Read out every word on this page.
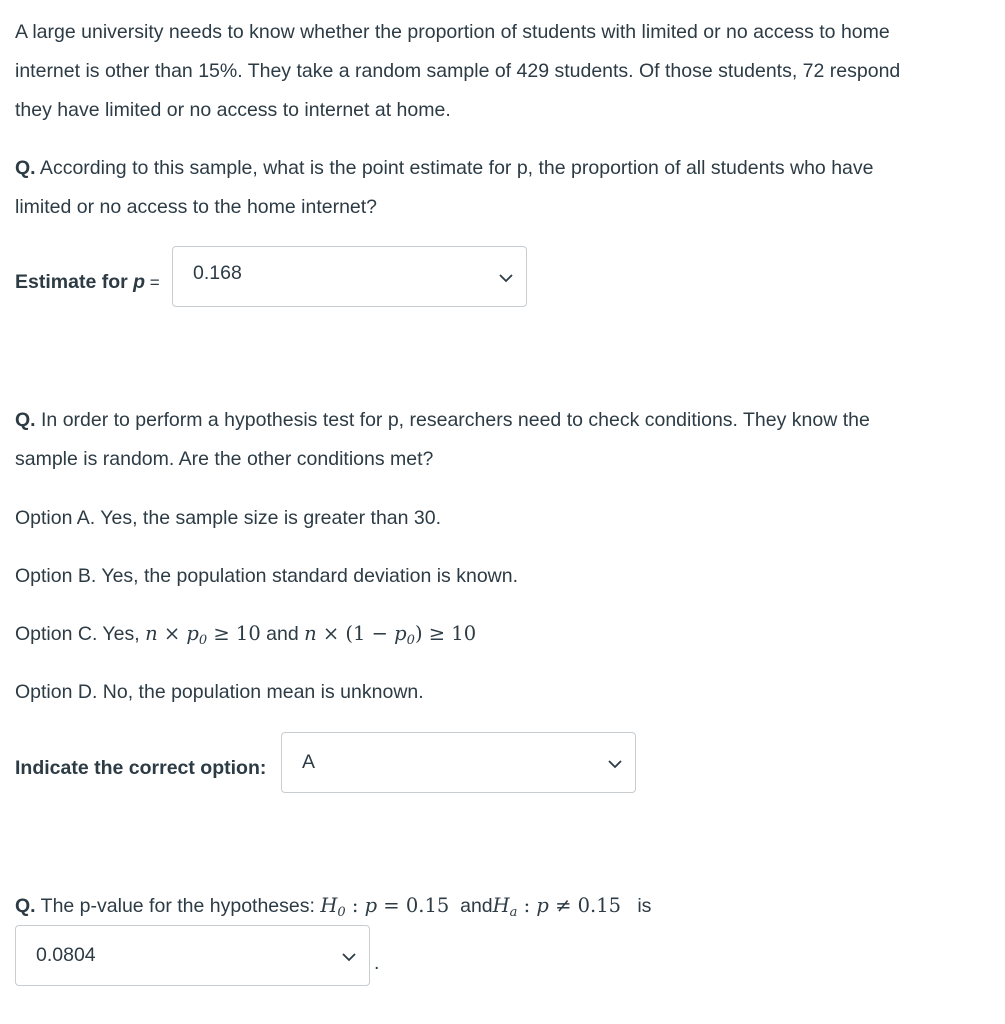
A large university needs to know whether the proportion of students with limited or no access to home
internet is other than 15%. They take a random sample of 429 students. Of those students, 72 respond
they have limited or no access to internet at home.
Q. According to this sample, what is the point estimate for p, the proportion of all students who have
limited or no access to the home internet?
Estimate for p = 0.168
Q. In order to perform a hypothesis test for p, researchers need to check conditions. They know the
sample is random. Are the other conditions met?
Option A. Yes, the sample size is greater than 30.
Option B. Yes, the population standard deviation is known.
Option C. Yes, $n \times p_0 \ge 10$ and $n \times (1 - p_0) \ge 10$
Option D. No, the population mean is unknown.
Indicate the correct option: A
Q. The p-value for the hypotheses: $H_0$ : p = 0.15 andH$_a$ : p ≠ 0.15 is
0.0804	.
